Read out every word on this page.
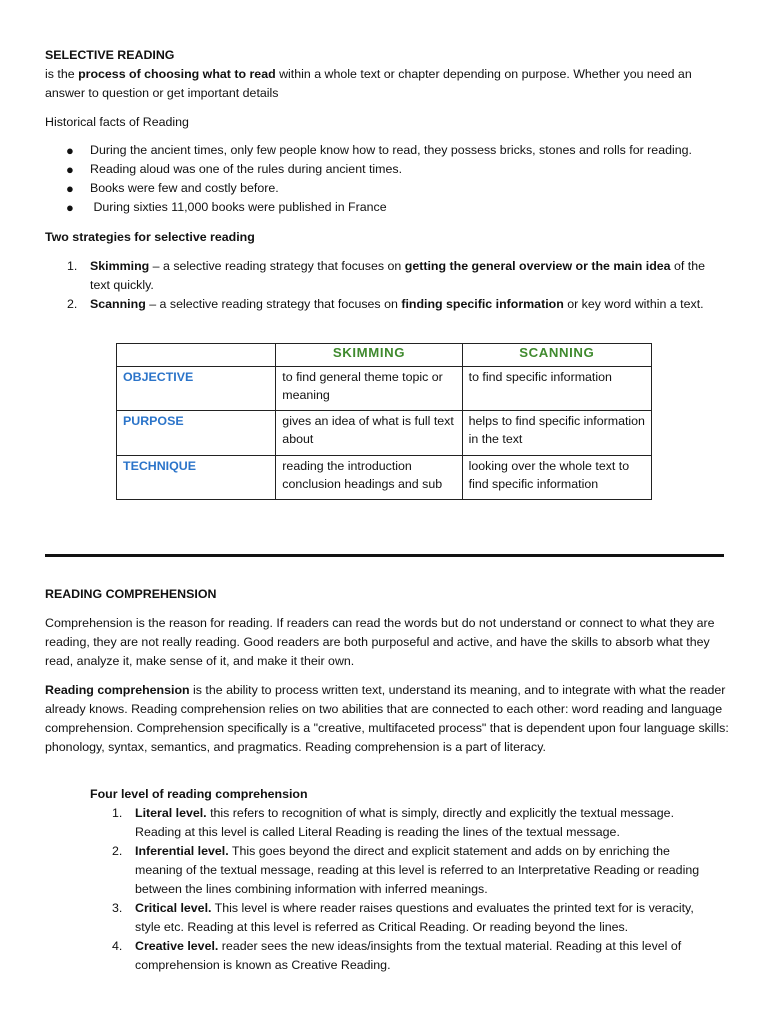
SELECTIVE READING

is the process of choosing what to read within a whole text or chapter depending on purpose. Whether you need an answer to question or get important details

Historical facts of Reading

● During the ancient times, only few people know how to read, they possess bricks, stones and rolls for reading.
● Reading aloud was one of the rules during ancient times.
● Books were few and costly before.
● During sixties 11,000 books were published in France

Two strategies for selective reading

1. Skimming – a selective reading strategy that focuses on getting the general overview or the main idea of the text quickly.
2. Scanning – a selective reading strategy that focuses on finding specific information or key word within a text.
	SKIMMING	SCANNING
OBJECTIVE	to find general theme topic or meaning	to find specific information
PURPOSE	gives an idea of what is full text about	helps to find specific information in the text
TECHNIQUE	reading the introduction conclusion headings and sub	looking over the whole text to find specific information

READING COMPREHENSION

Comprehension is the reason for reading. If readers can read the words but do not understand or connect to what they are reading, they are not really reading. Good readers are both purposeful and active, and have the skills to absorb what they read, analyze it, make sense of it, and make it their own.

Reading comprehension is the ability to process written text, understand its meaning, and to integrate with what the reader already knows. Reading comprehension relies on two abilities that are connected to each other: word reading and language comprehension. Comprehension specifically is a "creative, multifaceted process" that is dependent upon four language skills: phonology, syntax, semantics, and pragmatics. Reading comprehension is a part of literacy.

Four level of reading comprehension

1. Literal level. this refers to recognition of what is simply, directly and explicitly the textual message. Reading at this level is called Literal Reading is reading the lines of the textual message.
2. Inferential level. This goes beyond the direct and explicit statement and adds on by enriching the meaning of the textual message, reading at this level is referred to an Interpretative Reading or reading between the lines combining information with inferred meanings.
3. Critical level. This level is where reader raises questions and evaluates the printed text for is veracity, style etc. Reading at this level is referred as Critical Reading. Or reading beyond the lines.
4. Creative level. reader sees the new ideas/insights from the textual material. Reading at this level of comprehension is known as Creative Reading.
